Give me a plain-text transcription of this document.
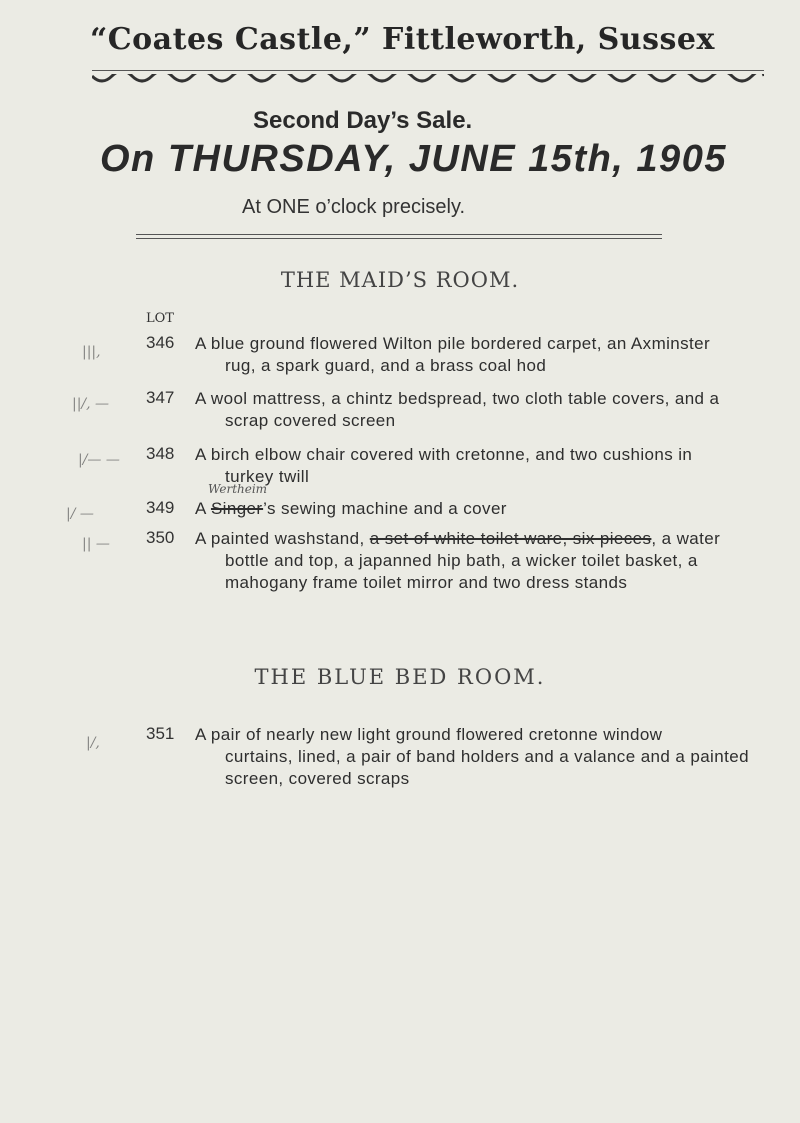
“Coates Castle,” Fittleworth, Sussex
Second Day’s Sale.
On THURSDAY, JUNE 15th, 1905
At ONE o’clock precisely.
THE MAID’S ROOM.
LOT
346 A blue ground flowered Wilton pile bordered carpet, an Axminster
rug, a spark guard, and a brass coal hod
347 A wool mattress, a chintz bedspread, two cloth table covers, and a
scrap covered screen
348 A birch elbow chair covered with cretonne, and two cushions in
turkey twill
Wertheim
349 A Singer’s sewing machine and a cover
350 A painted washstand, a set of white toilet ware, six pieces, a water
bottle and top, a japanned hip bath, a wicker toilet basket, a
mahogany frame toilet mirror and two dress stands
THE BLUE BED ROOM.
351 A pair of nearly new light ground flowered cretonne window
curtains, lined, a pair of band holders and a valance and a painted
screen, covered scraps
|||,
||/, —
|/— —
|/ —
|| —
|/,
